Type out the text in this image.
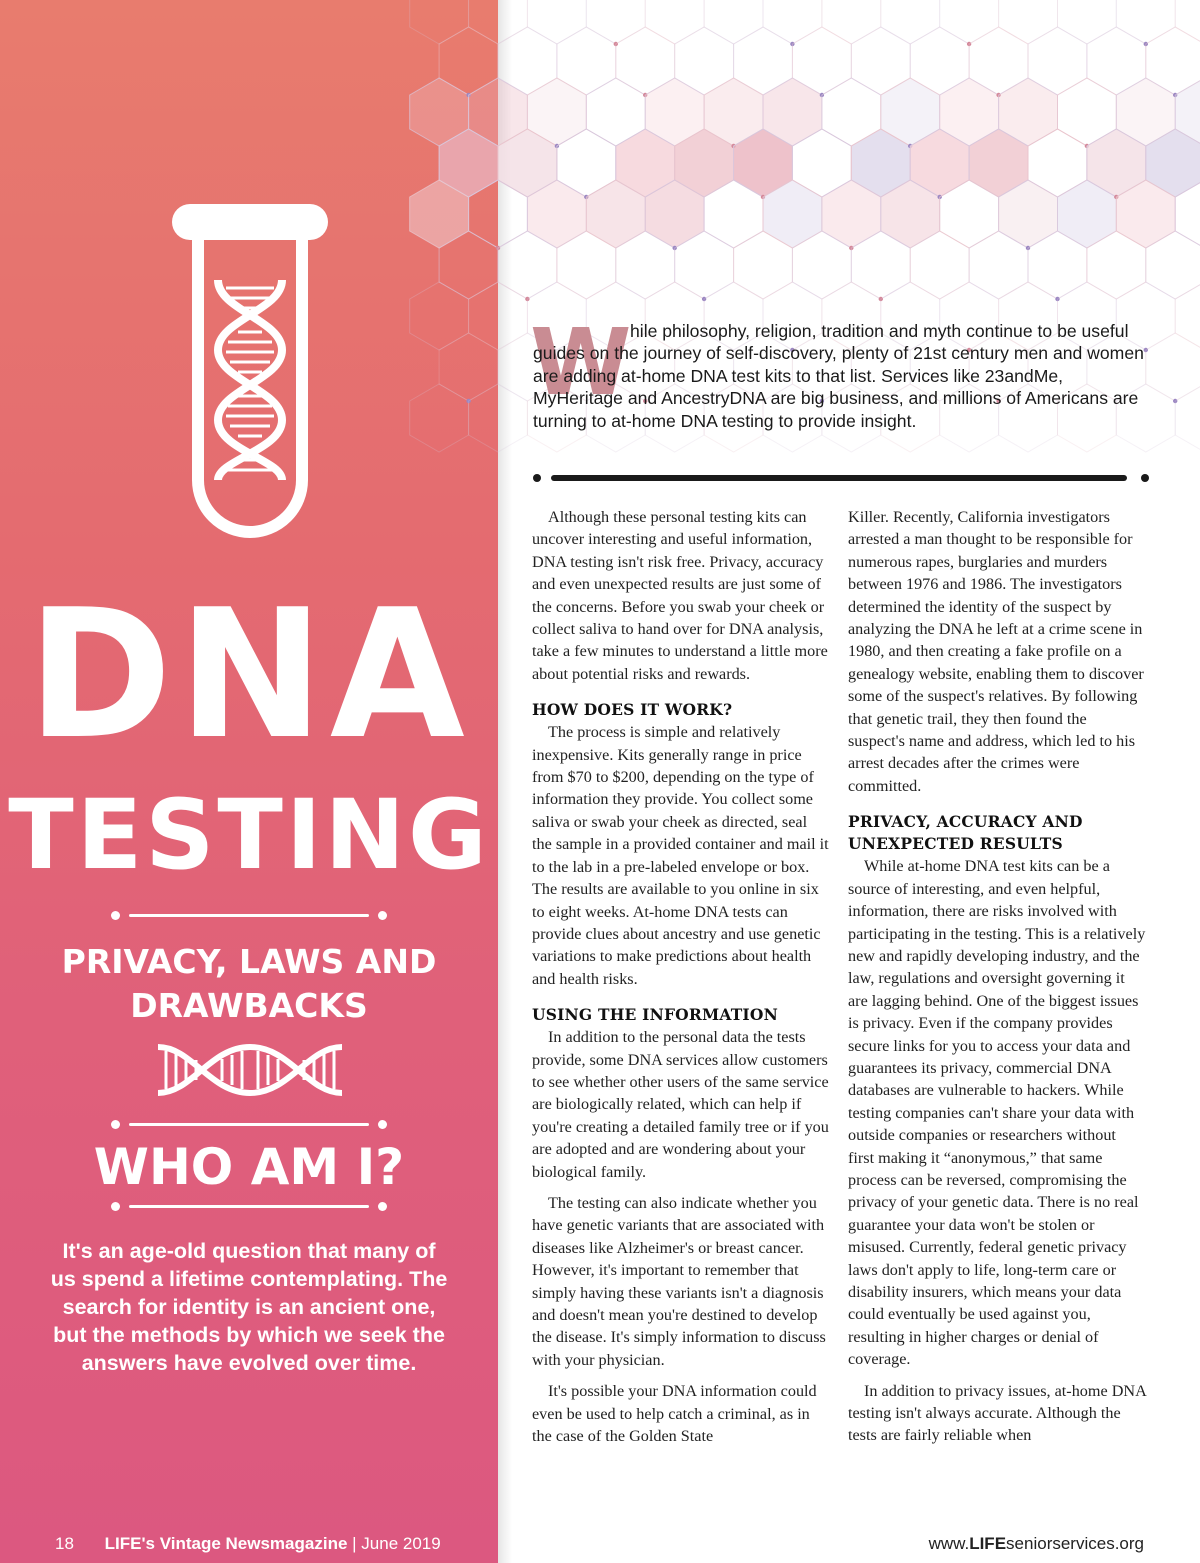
DNA
TESTING
PRIVACY, LAWS AND DRAWBACKS
WHO AM I?

It's an age-old question that many of us spend a lifetime contemplating. The search for identity is an ancient one, but the methods by which we seek the answers have evolved over time.

18 LIFE's Vintage Newsmagazine | June 2019
W

hile philosophy, religion, tradition and myth continue to be useful guides on the journey of self-discovery, plenty of 21st century men and women are adding at-home DNA test kits to that list. Services like 23andMe, MyHeritage and AncestryDNA are big business, and millions of Americans are turning to at-home DNA testing to provide insight.

Although these personal testing kits can uncover interesting and useful information, DNA testing isn't risk free. Privacy, accuracy and even unexpected results are just some of the concerns. Before you swab your cheek or collect saliva to hand over for DNA analysis, take a few minutes to understand a little more about potential risks and rewards.

HOW DOES IT WORK?

The process is simple and relatively inexpensive. Kits generally range in price from $70 to $200, depending on the type of information they provide. You collect some saliva or swab your cheek as directed, seal the sample in a provided container and mail it to the lab in a pre-labeled envelope or box. The results are available to you online in six to eight weeks. At-home DNA tests can provide clues about ancestry and use genetic variations to make predictions about health and health risks.

USING THE INFORMATION

In addition to the personal data the tests provide, some DNA services allow customers to see whether other users of the same service are biologically related, which can help if you're creating a detailed family tree or if you are adopted and are wondering about your biological family.

The testing can also indicate whether you have genetic variants that are associated with diseases like Alzheimer's or breast cancer. However, it's important to remember that simply having these variants isn't a diagnosis and doesn't mean you're destined to develop the disease. It's simply information to discuss with your physician.

It's possible your DNA information could even be used to help catch a criminal, as in the case of the Golden State

Killer. Recently, California investigators arrested a man thought to be responsible for numerous rapes, burglaries and murders between 1976 and 1986. The investigators determined the identity of the suspect by analyzing the DNA he left at a crime scene in 1980, and then creating a fake profile on a genealogy website, enabling them to discover some of the suspect's relatives. By following that genetic trail, they then found the suspect's name and address, which led to his arrest decades after the crimes were committed.

PRIVACY, ACCURACY AND UNEXPECTED RESULTS

While at-home DNA test kits can be a source of interesting, and even helpful, information, there are risks involved with participating in the testing. This is a relatively new and rapidly developing industry, and the law, regulations and oversight governing it are lagging behind. One of the biggest issues is privacy. Even if the company provides secure links for you to access your data and guarantees its privacy, commercial DNA databases are vulnerable to hackers. While testing companies can't share your data with outside companies or researchers without first making it “anonymous,” that same process can be reversed, compromising the privacy of your genetic data. There is no real guarantee your data won't be stolen or misused. Currently, federal genetic privacy laws don't apply to life, long-term care or disability insurers, which means your data could eventually be used against you, resulting in higher charges or denial of coverage.

In addition to privacy issues, at-home DNA testing isn't always accurate. Although the tests are fairly reliable when

www.LIFEseniorservices.org
